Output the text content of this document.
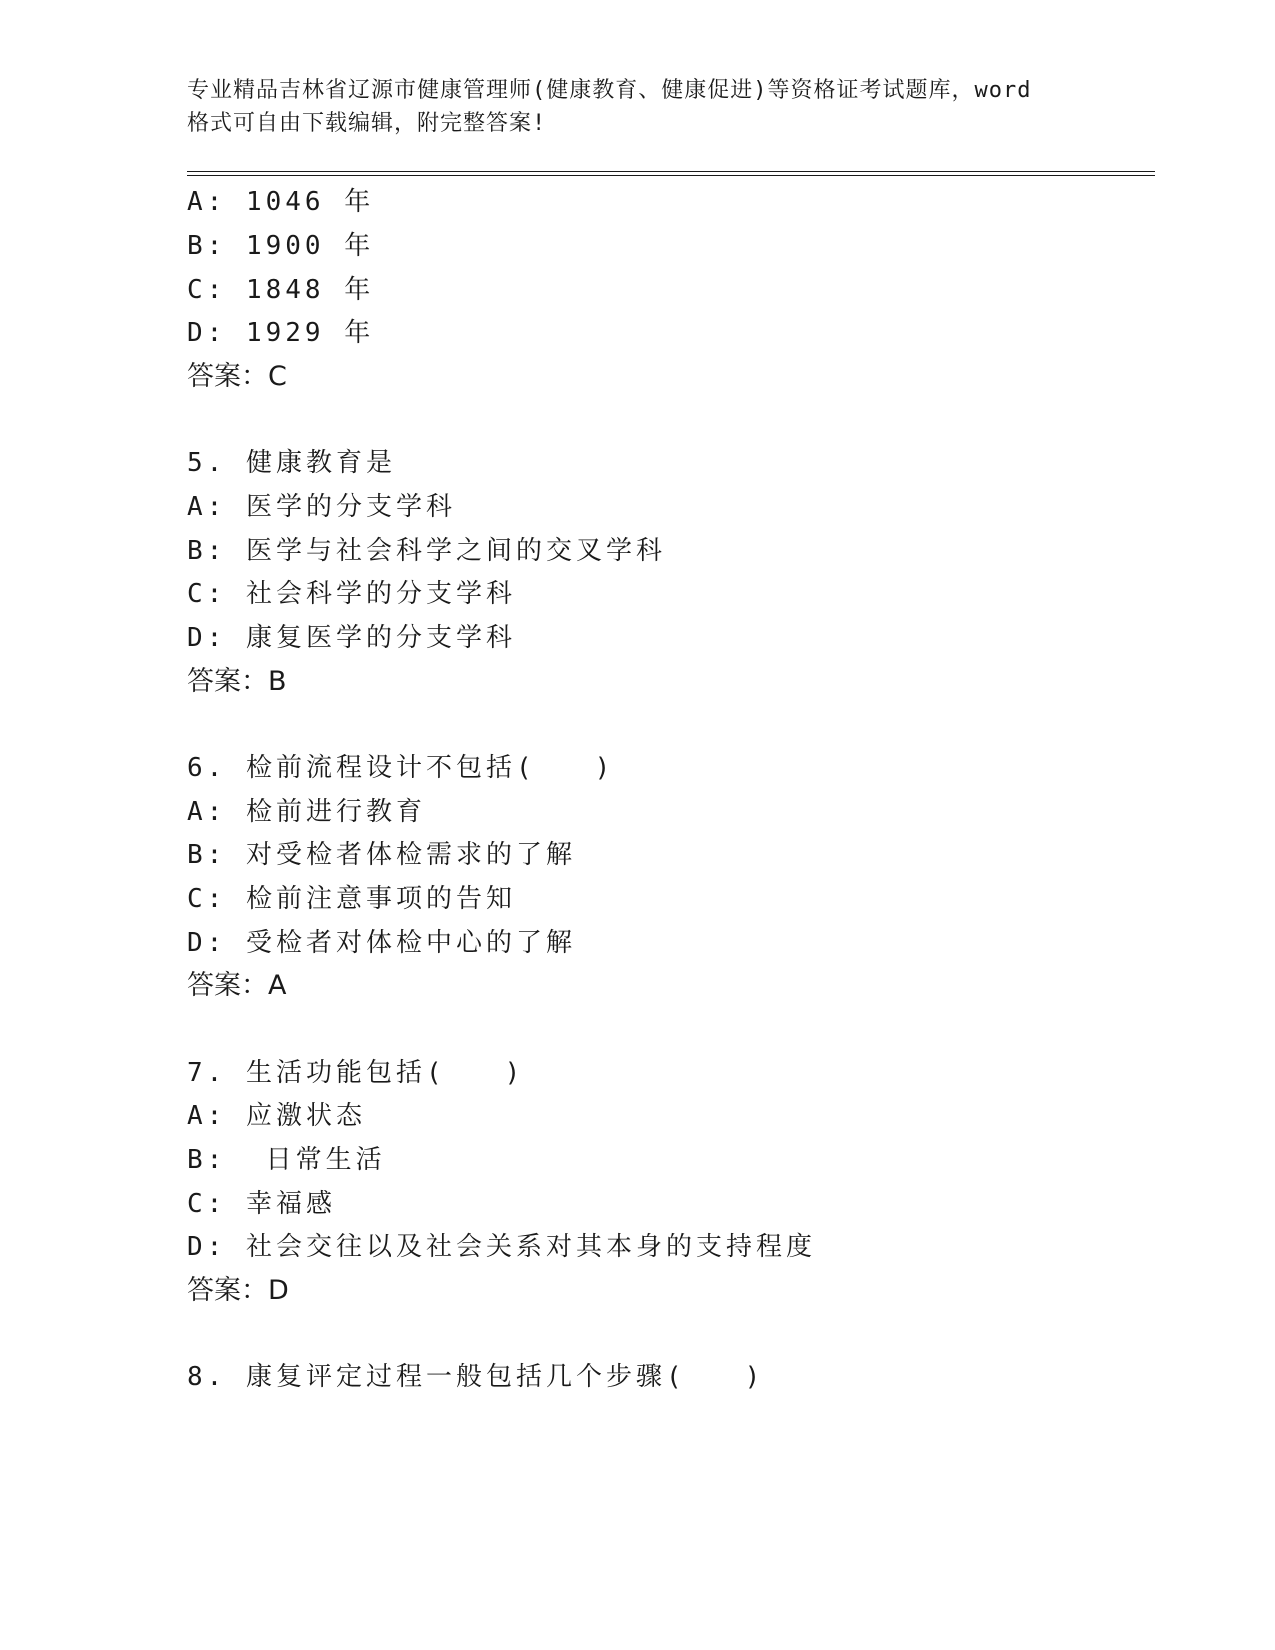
专业精品吉林省辽源市健康管理师(健康教育、健康促进)等资格证考试题库，word
格式可自由下载编辑，附完整答案!
A: 1046 年
B: 1900 年
C: 1848 年
D: 1929 年
答案：C
5. 健康教育是
A: 医学的分支学科
B: 医学与社会科学之间的交叉学科
C: 社会科学的分支学科
D: 康复医学的分支学科
答案：B
6. 检前流程设计不包括(   )
A: 检前进行教育
B: 对受检者体检需求的了解
C: 检前注意事项的告知
D: 受检者对体检中心的了解
答案：A
7. 生活功能包括(   )
A: 应激状态
B:  日常生活
C: 幸福感
D: 社会交往以及社会关系对其本身的支持程度
答案：D
8. 康复评定过程一般包括几个步骤(   )
